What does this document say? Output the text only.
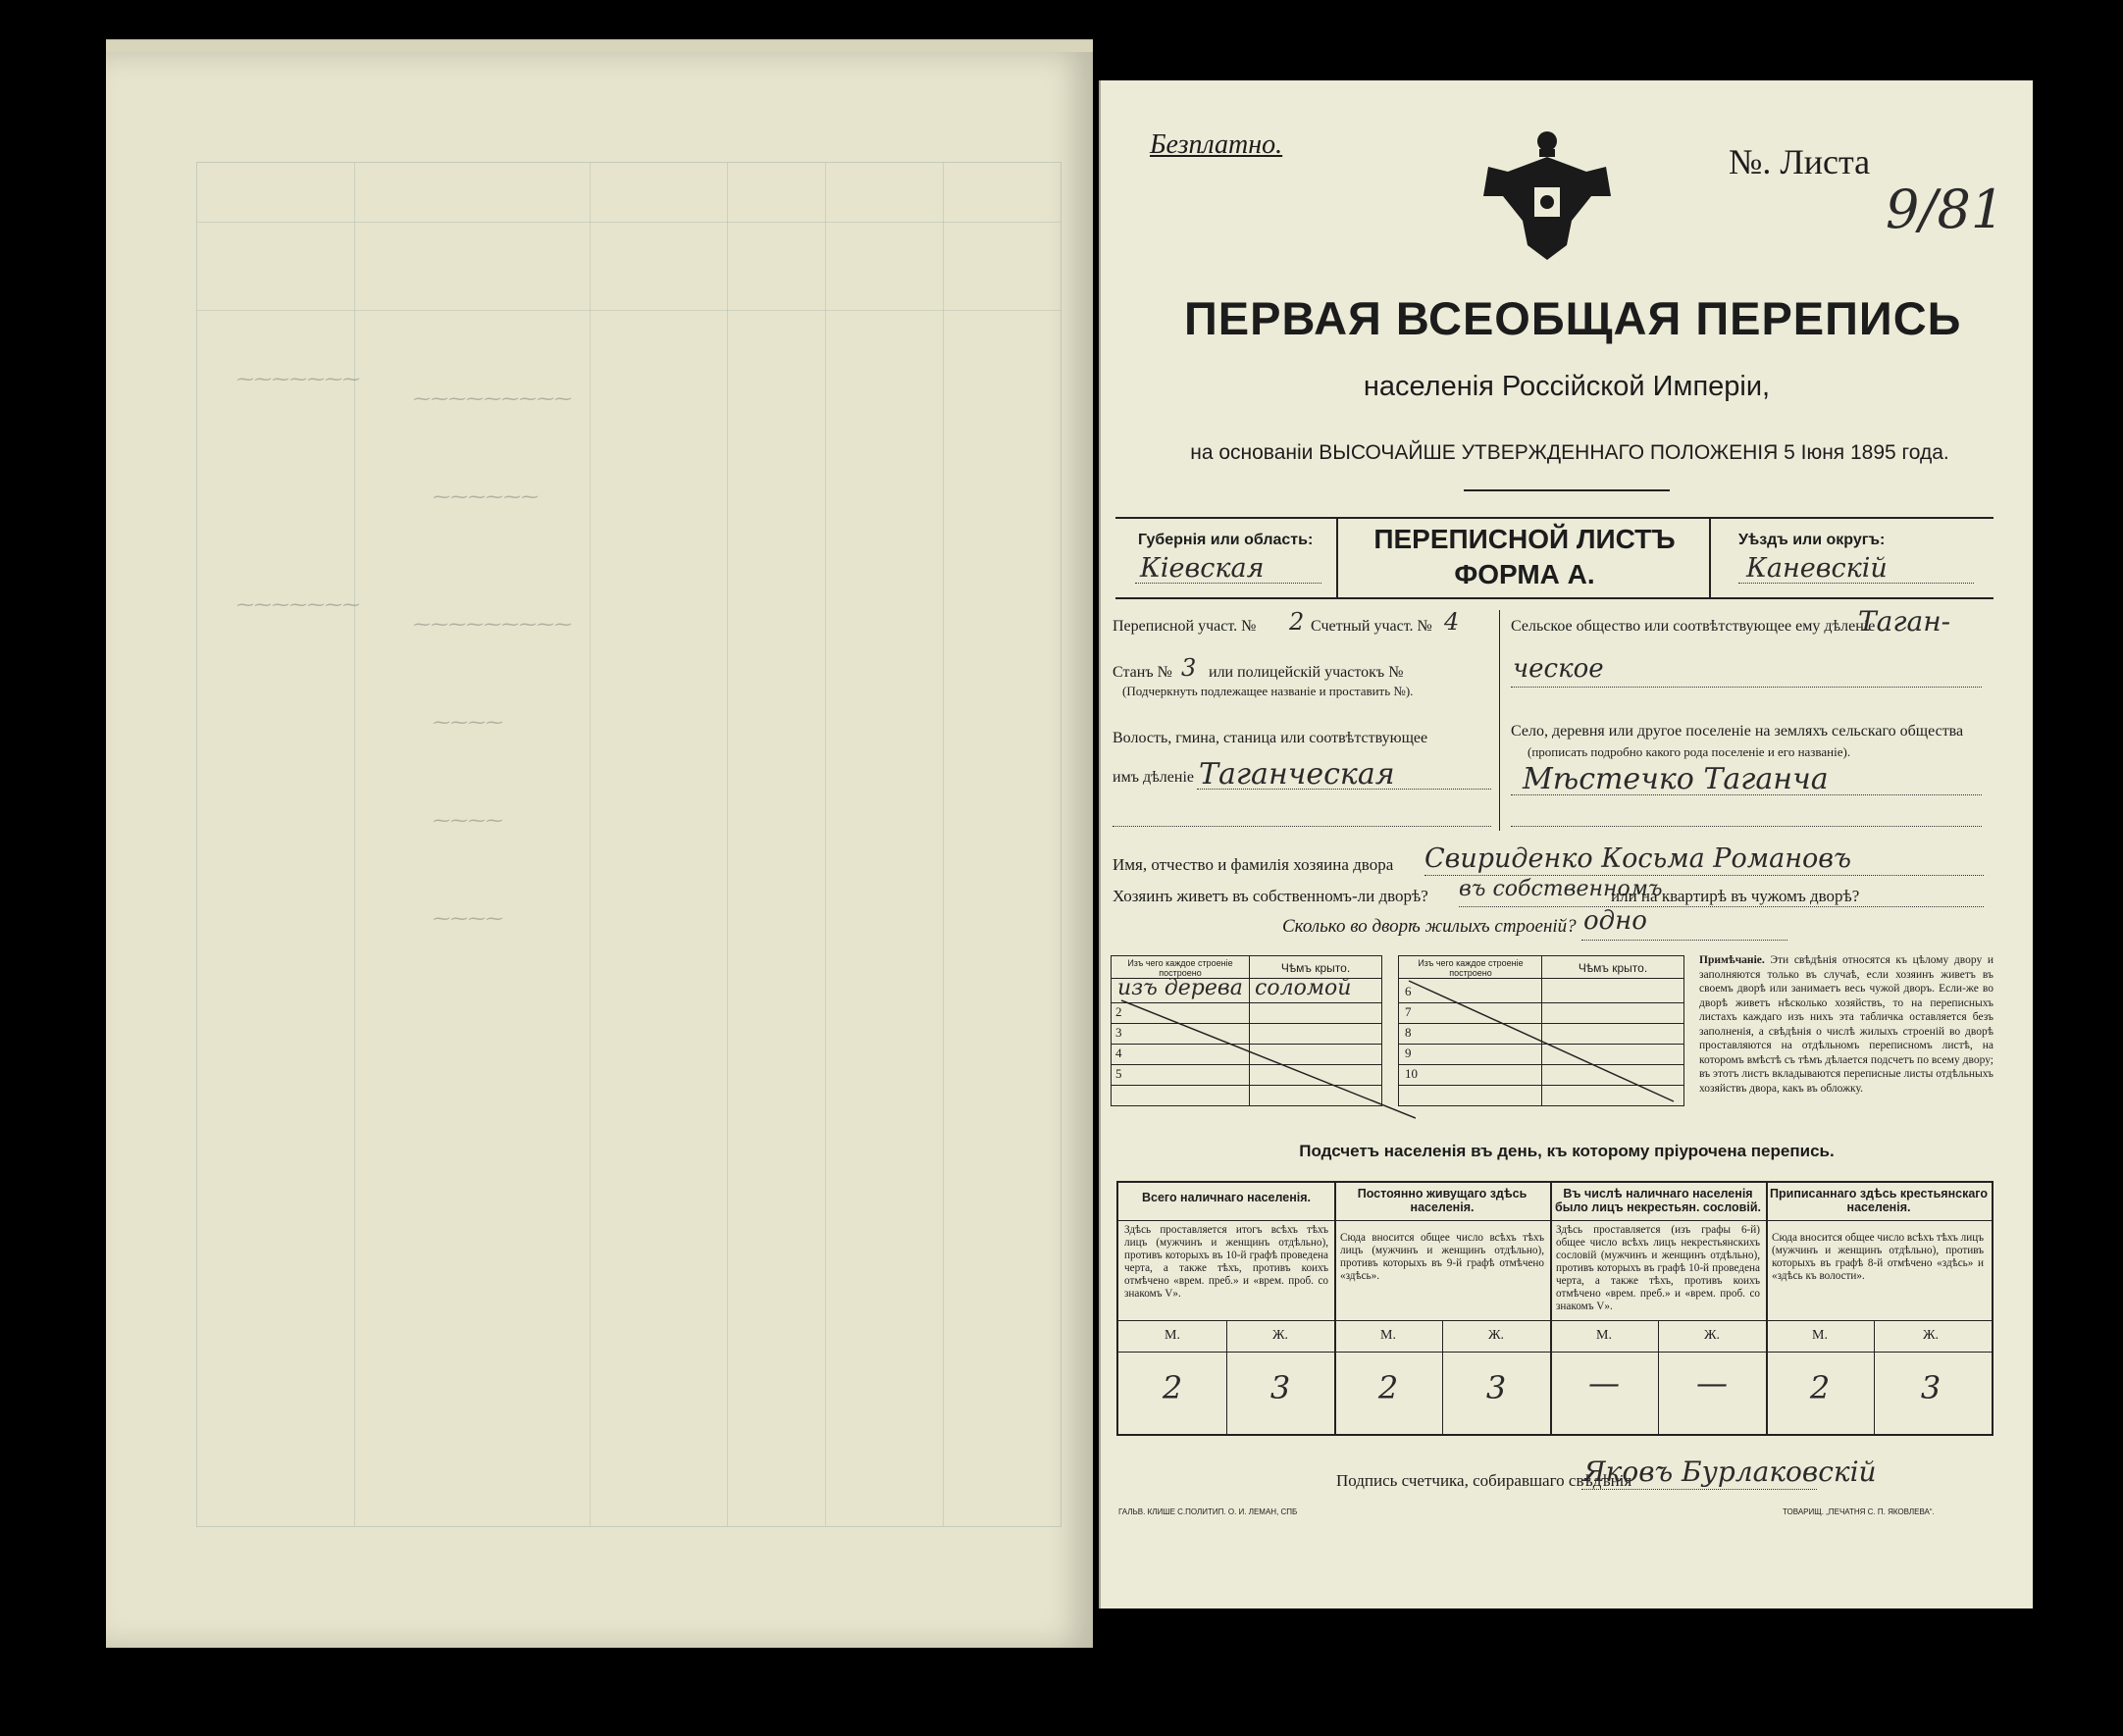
⁓⁓⁓⁓⁓⁓⁓
⁓⁓⁓⁓⁓⁓⁓⁓⁓
⁓⁓⁓⁓⁓⁓
⁓⁓⁓⁓⁓⁓⁓
⁓⁓⁓⁓⁓⁓⁓⁓⁓
⁓⁓⁓⁓
⁓⁓⁓⁓
⁓⁓⁓⁓
Безплатно.	№. Листа
9/81
ПЕРВАЯ ВСЕОБЩАЯ ПЕРЕПИСЬ
населенія Россійской Имперіи,
на основаніи ВЫСОЧАЙШЕ УТВЕРЖДЕННАГО ПОЛОЖЕНІЯ 5 Іюня 1895 года.
Губернія или область:
Кіевская
ПЕРЕПИСНОЙ ЛИСТЪ
ФОРМА А.
Уѣздъ или округъ:
Каневскій
Переписной участ. № 2 Счетный участ. № 4
Станъ № 3 или полицейскій участокъ №
(Подчеркнуть подлежащее названіе и проставить №).
Волость, гмина, станица или соотвѣтствующее
имъ дѣленіе Таганческая
Сельское общество или соотвѣтствующее ему дѣленіе
Таган-
ческое
Село, деревня или другое поселеніе на земляхъ сельскаго общества
(прописать подробно какого рода поселеніе и его названіе).
Мѣстечко Таганча
Имя, отчество и фамилія хозяина двора Свириденко Косьма Романовъ
Хозяинъ живетъ въ собственномъ-ли дворѣ? въ собственномъ
или на квартирѣ въ чужомъ дворѣ?
Сколько во дворѣ жилыхъ строеній? одно
Изъ чего каждое строеніе построено	Чѣмъ крыто.
изъ дерева соломой
2
3
4
5
Изъ чего каждое строеніе построено	Чѣмъ крыто.
6
7
8
9
10
Примѣчаніе. Эти свѣдѣнія относятся къ цѣлому двору и заполняются только въ случаѣ, если хозяинъ живетъ въ своемъ дворѣ или занимаетъ весь чужой дворъ. Если-же во дворѣ живетъ нѣсколько хозяйствъ, то на переписныхъ листахъ каждаго изъ нихъ эта табличка оставляется безъ заполненія, а свѣдѣнія о числѣ жилыхъ строеній во дворѣ проставляются на отдѣльномъ переписномъ листѣ, на которомъ вмѣстѣ съ тѣмъ дѣлается подсчетъ по всему двору; въ этотъ листъ вкладываются переписные листы отдѣльныхъ хозяйствъ двора, какъ въ обложку.
Подсчетъ населенія въ день, къ которому пріурочена перепись.
Всего наличнаго населенія.	Постоянно живущаго здѣсь населенія.
Въ числѣ наличнаго населенія было лицъ некрестьян. сословій.
Приписаннаго здѣсь крестьянскаго населенія.
Здѣсь проставляется итогъ всѣхъ тѣхъ лицъ (мужчинъ и женщинъ отдѣльно), противъ которыхъ въ 10-й графѣ проведена черта, а также тѣхъ, противъ коихъ отмѣчено «врем. преб.» и «врем. проб. со знакомъ V».
Сюда вносится общее число всѣхъ тѣхъ лицъ (мужчинъ и женщинъ отдѣльно), противъ которыхъ въ 9-й графѣ отмѣчено «здѣсь».
Здѣсь проставляется (изъ графы 6-й) общее число всѣхъ лицъ некрестьянскихъ сословій (мужчинъ и женщинъ отдѣльно), противъ которыхъ въ графѣ 10-й проведена черта, а также тѣхъ, противъ коихъ отмѣчено «врем. преб.» и «врем. проб. со знакомъ V».
Сюда вносится общее число всѣхъ тѣхъ лицъ (мужчинъ и женщинъ отдѣльно), противъ которыхъ въ графѣ 8-й отмѣчено «здѣсь» и «здѣсь къ волости».
М.	Ж.	М.	Ж.	М.	Ж.	М.	Ж.
2	3	2	3	—	—	2	3
Подпись счетчика, собиравшаго свѣдѣнія
Яковъ Бурлаковскій
ГАЛЬВ. КЛИШЕ С.ПОЛИТИП. О. И. ЛЕМАН, СПБ	ТОВАРИЩ. „ПЕЧАТНЯ С. П. ЯКОВЛЕВА“.
